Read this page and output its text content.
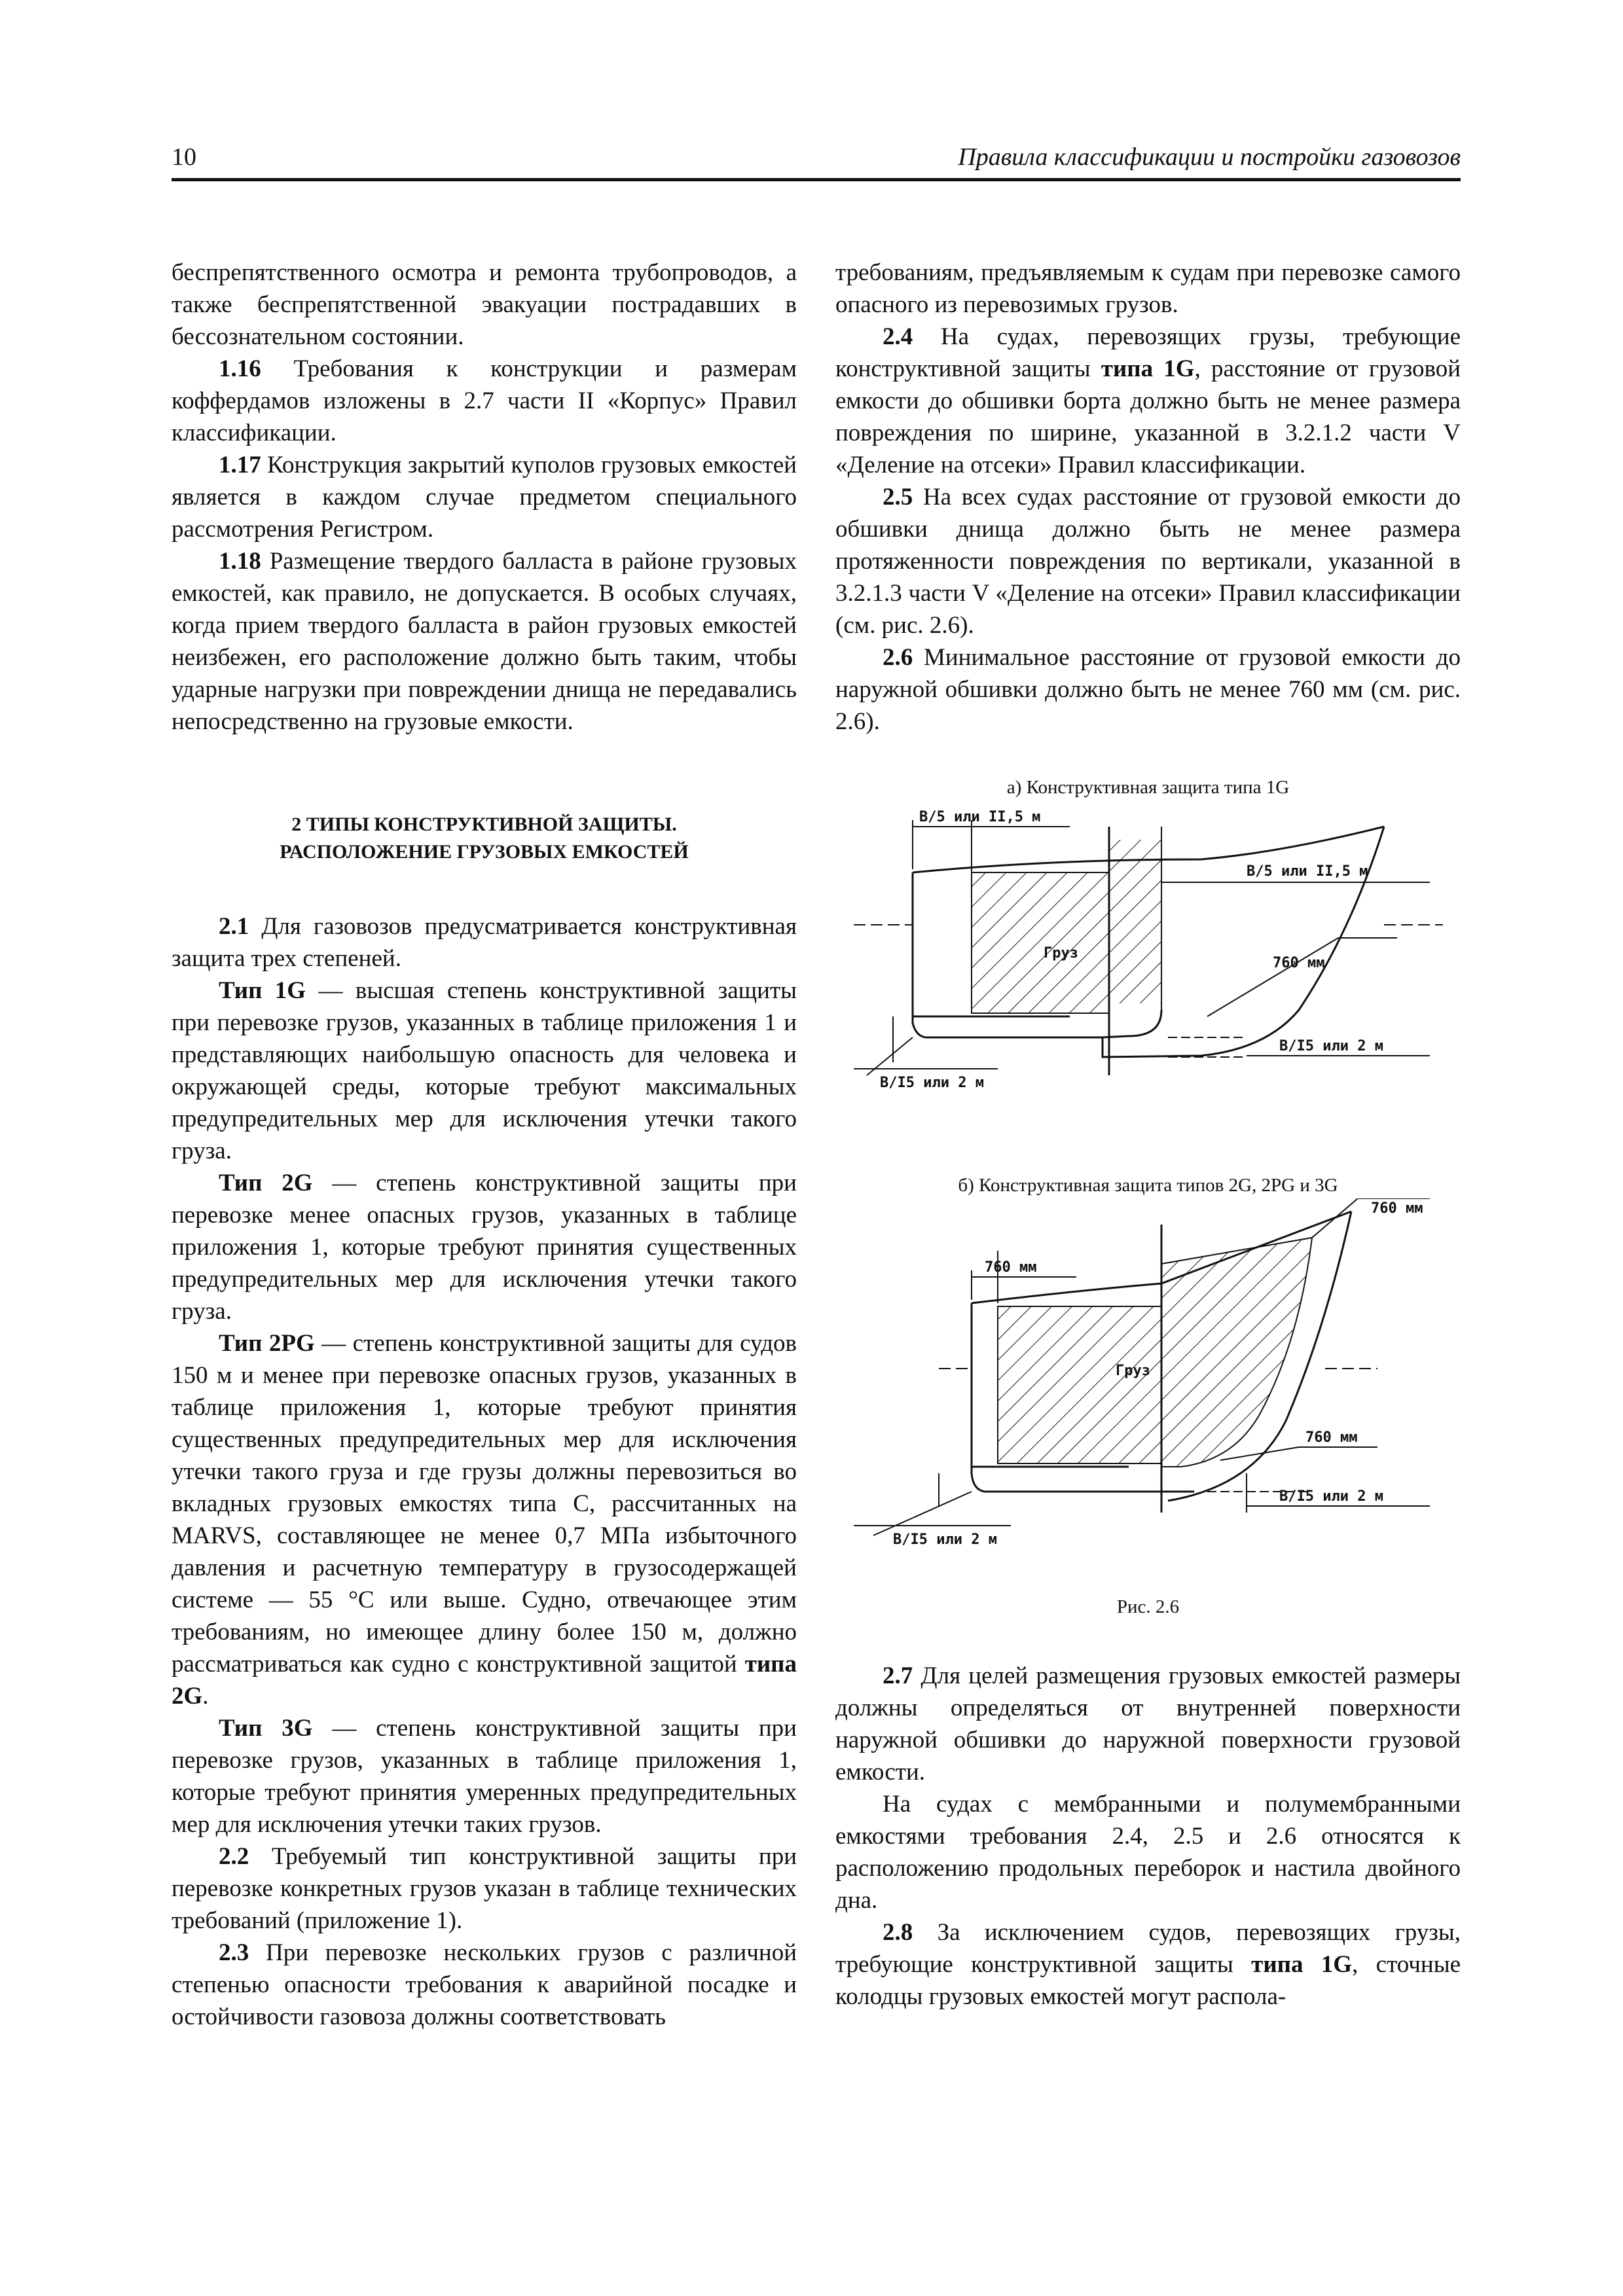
10	Правила классификации и постройки газовозов

беспрепятственного осмотра и ремонта трубопроводов, а также беспрепятственной эвакуации пострадавших в бессознательном состоянии.

1.16 Требования к конструкции и размерам коффердамов изложены в 2.7 части II «Корпус» Правил классификации.

1.17 Конструкция закрытий куполов грузовых емкостей является в каждом случае предметом специального рассмотрения Регистром.

1.18 Размещение твердого балласта в районе грузовых емкостей, как правило, не допускается. В особых случаях, когда прием твердого балласта в район грузовых емкостей неизбежен, его расположение должно быть таким, чтобы ударные нагрузки при повреждении днища не передавались непосредственно на грузовые емкости.

2 ТИПЫ КОНСТРУКТИВНОЙ ЗАЩИТЫ.
РАСПОЛОЖЕНИЕ ГРУЗОВЫХ ЕМКОСТЕЙ

2.1 Для газовозов предусматривается конструктивная защита трех степеней.

Тип 1G — высшая степень конструктивной защиты при перевозке грузов, указанных в таблице приложения 1 и представляющих наибольшую опасность для человека и окружающей среды, которые требуют максимальных предупредительных мер для исключения утечки такого груза.

Тип 2G — степень конструктивной защиты при перевозке менее опасных грузов, указанных в таблице приложения 1, которые требуют принятия существенных предупредительных мер для исключения утечки такого груза.

Тип 2PG — степень конструктивной защиты для судов 150 м и менее при перевозке опасных грузов, указанных в таблице приложения 1, которые требуют принятия существенных предупредительных мер для исключения утечки такого груза и где грузы должны перевозиться во вкладных грузовых емкостях типа С, рассчитанных на MARVS, составляющее не менее 0,7 МПа избыточного давления и расчетную температуру в грузосодержащей системе — 55 °С или выше. Судно, отвечающее этим требованиям, но имеющее длину более 150 м, должно рассматриваться как судно с конструктивной защитой типа 2G.

Тип 3G — степень конструктивной защиты при перевозке грузов, указанных в таблице приложения 1, которые требуют принятия умеренных предупредительных мер для исключения утечки таких грузов.

2.2 Требуемый тип конструктивной защиты при перевозке конкретных грузов указан в таблице технических требований (приложение 1).

2.3 При перевозке нескольких грузов с различной степенью опасности требования к аварийной посадке и остойчивости газовоза должны соответствовать

требованиям, предъявляемым к судам при перевозке самого опасного из перевозимых грузов.

2.4 На судах, перевозящих грузы, требующие конструктивной защиты типа 1G, расстояние от грузовой емкости до обшивки борта должно быть не менее размера повреждения по ширине, указанной в 3.2.1.2 части V «Деление на отсеки» Правил классификации.

2.5 На всех судах расстояние от грузовой емкости до обшивки днища должно быть не менее размера протяженности повреждения по вертикали, указанной в 3.2.1.3 части V «Деление на отсеки» Правил классификации (см. рис. 2.6).

2.6 Минимальное расстояние от грузовой емкости до наружной обшивки должно быть не менее 760 мм (см. рис. 2.6).

а) Конструктивная защита типа 1G

B/5 или II,5 м
B/5 или II,5 м
Груз
760 мм
B/I5 или 2 м
B/I5 или 2 м

б) Конструктивная защита типов 2G, 2PG и 3G

760 мм
760 мм
Груз
760 мм
B/I5 или 2 м
B/I5 или 2 м

Рис. 2.6

2.7 Для целей размещения грузовых емкостей размеры должны определяться от внутренней поверхности наружной обшивки до наружной поверхности грузовой емкости.

На судах с мембранными и полумембранными емкостями требования 2.4, 2.5 и 2.6 относятся к расположению продольных переборок и настила двойного дна.

2.8 За исключением судов, перевозящих грузы, требующие конструктивной защиты типа 1G, сточные колодцы грузовых емкостей могут распола-
